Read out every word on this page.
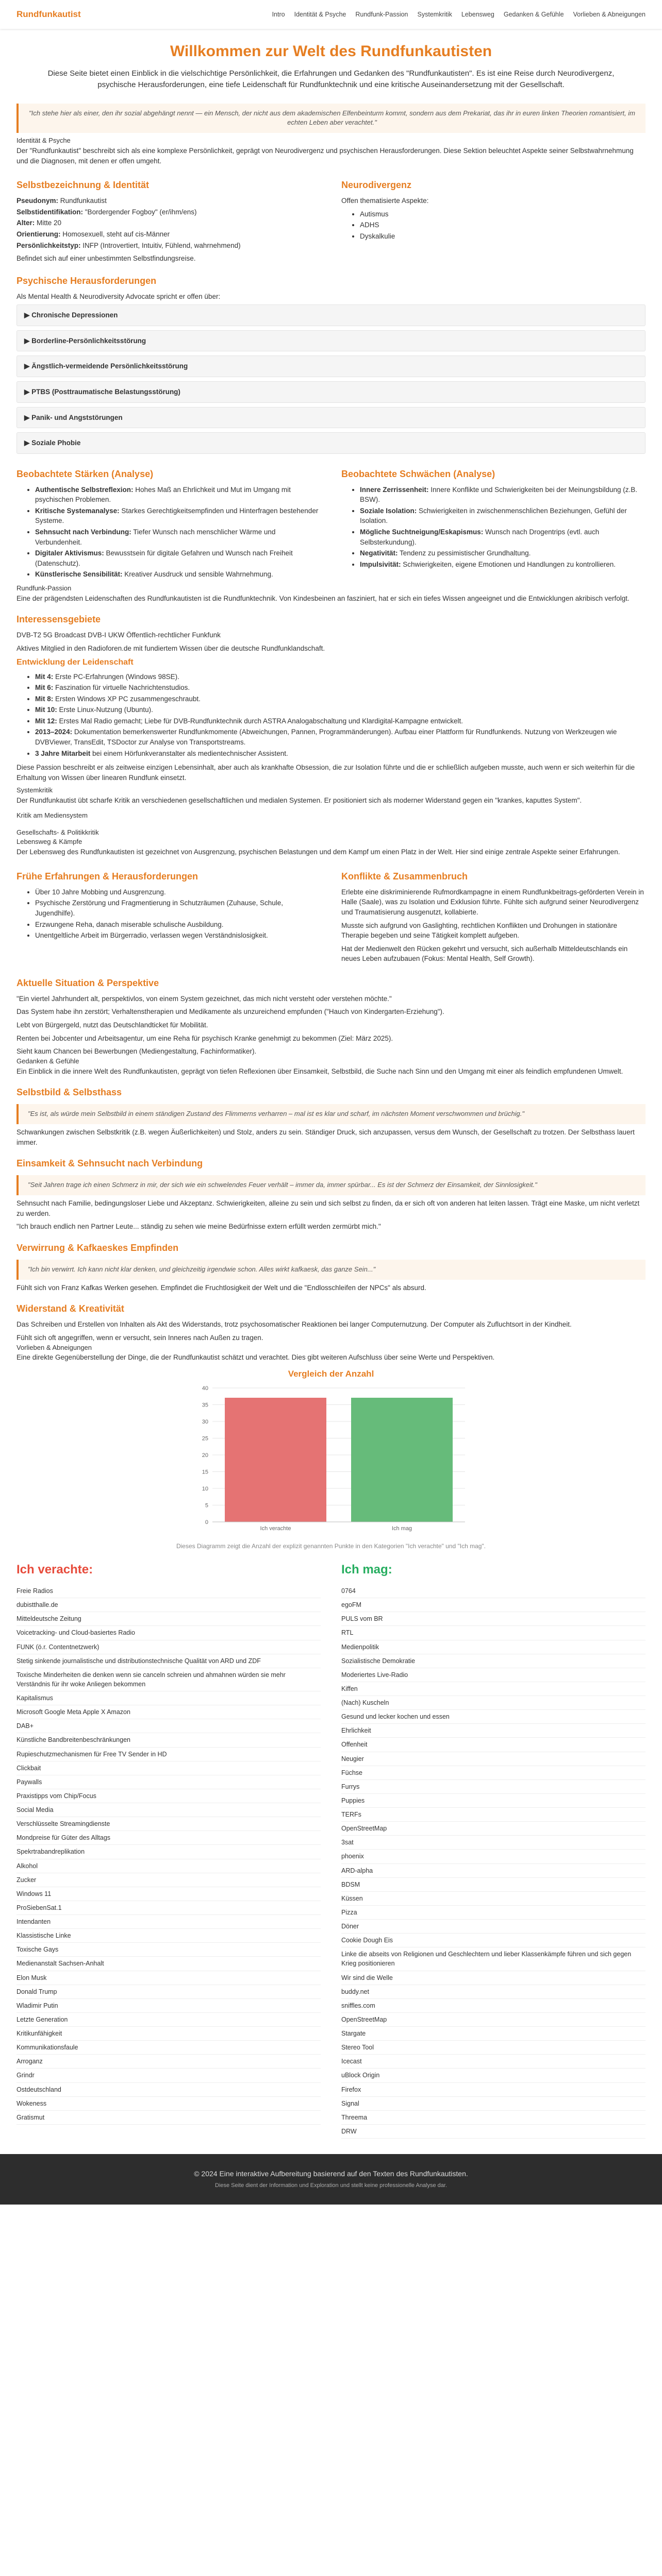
Rundfunkautist	Intro Identität & Psyche Rundfunk-Passion Systemkritik Lebensweg Gedanken & Gefühle Vorlieben & Abneigungen
Willkommen zur Welt des Rundfunkautisten

Diese Seite bietet einen Einblick in die vielschichtige Persönlichkeit, die Erfahrungen und Gedanken des "Rundfunkautisten". Es ist eine Reise durch Neurodivergenz, psychische Herausforderungen, eine tiefe Leidenschaft für Rundfunktechnik und eine kritische Auseinandersetzung mit der Gesellschaft.

"Ich stehe hier als einer, den ihr sozial abgehängt nennt — ein Mensch, der nicht aus dem akademischen Elfenbeinturm kommt, sondern aus dem Prekariat, das ihr in euren linken Theorien romantisiert, im echten Leben aber verachtet."
Identität & Psyche

Der "Rundfunkautist" beschreibt sich als eine komplexe Persönlichkeit, geprägt von Neurodivergenz und psychischen Herausforderungen. Diese Sektion beleuchtet Aspekte seiner Selbstwahrnehmung und die Diagnosen, mit denen er offen umgeht.

Selbstbezeichnung & Identität

Pseudonym: Rundfunkautist

Selbstidentifikation: "Bordergender Fogboy" (er/ihm/ens)

Alter: Mitte 20

Orientierung: Homosexuell, steht auf cis-Männer

Persönlichkeitstyp: INFP (Introvertiert, Intuitiv, Fühlend, wahrnehmend)

Befindet sich auf einer unbestimmten Selbstfindungsreise.

Neurodivergenz

Offen thematisierte Aspekte:

• Autismus
• ADHS
• Dyskalkulie
Psychische Herausforderungen

Als Mental Health & Neurodiversity Advocate spricht er offen über:

▶ Chronische Depressionen
▶ Borderline-Persönlichkeitsstörung
▶ Ängstlich-vermeidende Persönlichkeitsstörung
▶ PTBS (Posttraumatische Belastungsstörung)
▶ Panik- und Angststörungen
▶ Soziale Phobie
Beobachtete Stärken (Analyse)
• Authentische Selbstreflexion: Hohes Maß an Ehrlichkeit und Mut im Umgang mit psychischen Problemen.
• Kritische Systemanalyse: Starkes Gerechtigkeitsempfinden und Hinterfragen bestehender Systeme.
• Sehnsucht nach Verbindung: Tiefer Wunsch nach menschlicher Wärme und Verbundenheit.
• Digitaler Aktivismus: Bewusstsein für digitale Gefahren und Wunsch nach Freiheit (Datenschutz).
• Künstlerische Sensibilität: Kreativer Ausdruck und sensible Wahrnehmung.
Beobachtete Schwächen (Analyse)
• Innere Zerrissenheit: Innere Konflikte und Schwierigkeiten bei der Meinungsbildung (z.B. BSW).
• Soziale Isolation: Schwierigkeiten in zwischenmenschlichen Beziehungen, Gefühl der Isolation.
• Mögliche Suchtneigung/Eskapismus: Wunsch nach Drogentrips (evtl. auch Selbsterkundung).
• Negativität: Tendenz zu pessimistischer Grundhaltung.
• Impulsivität: Schwierigkeiten, eigene Emotionen und Handlungen zu kontrollieren.
Rundfunk-Passion

Eine der prägendsten Leidenschaften des Rundfunkautisten ist die Rundfunktechnik. Von Kindesbeinen an fasziniert, hat er sich ein tiefes Wissen angeeignet und die Entwicklungen akribisch verfolgt.

Interessensgebiete

DVB-T2 5G Broadcast DVB-I UKW Öffentlich-rechtlicher Funkfunk

Aktives Mitglied in den Radioforen.de mit fundiertem Wissen über die deutsche Rundfunklandschaft.

Entwicklung der Leidenschaft
• Mit 4: Erste PC-Erfahrungen (Windows 98SE).
• Mit 6: Faszination für virtuelle Nachrichtenstudios.
• Mit 8: Ersten Windows XP PC zusammengeschraubt.
• Mit 10: Erste Linux-Nutzung (Ubuntu).
• Mit 12: Erstes Mal Radio gemacht; Liebe für DVB-Rundfunktechnik durch ASTRA Analogabschaltung und Klardigital-Kampagne entwickelt.
• 2013–2024: Dokumentation bemerkenswerter Rundfunkmomente (Abweichungen, Pannen, Programmänderungen). Aufbau einer Plattform für Rundfunkends. Nutzung von Werkzeugen wie DVBViewer, TransEdit, TSDoctor zur Analyse von Transportstreams.
• 3 Jahre Mitarbeit bei einem Hörfunkveranstalter als medientechnischer Assistent.

Diese Passion beschreibt er als zeitweise einzigen Lebensinhalt, aber auch als krankhafte Obsession, die zur Isolation führte und die er schließlich aufgeben musste, auch wenn er sich weiterhin für die Erhaltung von Wissen über linearen Rundfunk einsetzt.

Systemkritik

Der Rundfunkautist übt scharfe Kritik an verschiedenen gesellschaftlichen und medialen Systemen. Er positioniert sich als moderner Widerstand gegen ein "krankes, kaputtes System".

Kritik am Mediensystem
Gesellschafts- & Politikkritik
Lebensweg & Kämpfe

Der Lebensweg des Rundfunkautisten ist gezeichnet von Ausgrenzung, psychischen Belastungen und dem Kampf um einen Platz in der Welt. Hier sind einige zentrale Aspekte seiner Erfahrungen.

Frühe Erfahrungen & Herausforderungen
• Über 10 Jahre Mobbing und Ausgrenzung.
• Psychische Zerstörung und Fragmentierung in Schutzräumen (Zuhause, Schule, Jugendhilfe).
• Erzwungene Reha, danach miserable schulische Ausbildung.
• Unentgeltliche Arbeit im Bürgerradio, verlassen wegen Verständnislosigkeit.
Konflikte & Zusammenbruch

Erlebte eine diskriminierende Rufmordkampagne in einem Rundfunkbeitrags-geförderten Verein in Halle (Saale), was zu Isolation und Exklusion führte. Fühlte sich aufgrund seiner Neurodivergenz und Traumatisierung ausgenutzt, kollabierte.

Musste sich aufgrund von Gaslighting, rechtlichen Konflikten und Drohungen in stationäre Therapie begeben und seine Tätigkeit komplett aufgeben.

Hat der Medienwelt den Rücken gekehrt und versucht, sich außerhalb Mitteldeutschlands ein neues Leben aufzubauen (Fokus: Mental Health, Self Growth).

Aktuelle Situation & Perspektive

"Ein viertel Jahrhundert alt, perspektivlos, von einem System gezeichnet, das mich nicht versteht oder verstehen möchte."

Das System habe ihn zerstört; Verhaltenstherapien und Medikamente als unzureichend empfunden ("Hauch von Kindergarten-Erziehung").

Lebt von Bürgergeld, nutzt das Deutschlandticket für Mobilität.

Renten bei Jobcenter und Arbeitsagentur, um eine Reha für psychisch Kranke genehmigt zu bekommen (Ziel: März 2025).

Sieht kaum Chancen bei Bewerbungen (Mediengestaltung, Fachinformatiker).

Gedanken & Gefühle

Ein Einblick in die innere Welt des Rundfunkautisten, geprägt von tiefen Reflexionen über Einsamkeit, Selbstbild, die Suche nach Sinn und den Umgang mit einer als feindlich empfundenen Umwelt.

Selbstbild & Selbsthass
"Es ist, als würde mein Selbstbild in einem ständigen Zustand des Flimmerns verharren – mal ist es klar und scharf, im nächsten Moment verschwommen und brüchig."

Schwankungen zwischen Selbstkritik (z.B. wegen Äußerlichkeiten) und Stolz, anders zu sein. Ständiger Druck, sich anzupassen, versus dem Wunsch, der Gesellschaft zu trotzen. Der Selbsthass lauert immer.

Einsamkeit & Sehnsucht nach Verbindung
"Seit Jahren trage ich einen Schmerz in mir, der sich wie ein schwelendes Feuer verhält – immer da, immer spürbar... Es ist der Schmerz der Einsamkeit, der Sinnlosigkeit."

Sehnsucht nach Familie, bedingungsloser Liebe und Akzeptanz. Schwierigkeiten, alleine zu sein und sich selbst zu finden, da er sich oft von anderen hat leiten lassen. Trägt eine Maske, um nicht verletzt zu werden.

"Ich brauch endlich nen Partner Leute... ständig zu sehen wie meine Bedürfnisse extern erfüllt werden zermürbt mich."

Verwirrung & Kafkaeskes Empfinden
"Ich bin verwirrt. Ich kann nicht klar denken, und gleichzeitig irgendwie schon. Alles wirkt kafkaesk, das ganze Sein..."

Fühlt sich von Franz Kafkas Werken gesehen. Empfindet die Fruchtlosigkeit der Welt und die "Endlosschleifen der NPCs" als absurd.

Widerstand & Kreativität

Das Schreiben und Erstellen von Inhalten als Akt des Widerstands, trotz psychosomatischer Reaktionen bei langer Computernutzung. Der Computer als Zufluchtsort in der Kindheit.

Fühlt sich oft angegriffen, wenn er versucht, sein Inneres nach Außen zu tragen.

Vorlieben & Abneigungen

Eine direkte Gegenüberstellung der Dinge, die der Rundfunkautist schätzt und verachtet. Dies gibt weiteren Aufschluss über seine Werte und Perspektiven.

Vergleich der Anzahl
0
5
10
15
20
25
30
35
40
Ich verachte	Ich mag
Dieses Diagramm zeigt die Anzahl der explizit genannten Punkte in den Kategorien "Ich verachte" und "Ich mag".
Ich verachte:
Freie Radios
dubistthalle.de
Mitteldeutsche Zeitung
Voicetracking- und Cloud-basiertes Radio
FUNK (ö.r. Contentnetzwerk)
Stetig sinkende journalistische und distributionstechnische Qualität von ARD und ZDF
Toxische Minderheiten die denken wenn sie canceln schreien und ahmahnen würden sie mehr Verständnis für ihr woke Anliegen bekommen
Kapitalismus
Microsoft Google Meta Apple X Amazon
DAB+
Künstliche Bandbreitenbeschränkungen
Rupieschutzmechanismen für Free TV Sender in HD
Clickbait
Paywalls
Praxistipps vom Chip/Focus
Social Media
Verschlüsselte Streamingdienste
Mondpreise für Güter des Alltags
Spekrtrabandreplikation
Alkohol
Zucker
Windows 11
ProSiebenSat.1
Intendanten
Klassistische Linke
Toxische Gays
Medienanstalt Sachsen-Anhalt
Elon Musk
Donald Trump
Wladimir Putin
Letzte Generation
Kritikunfähigkeit
Kommunikationsfaule
Arroganz
Grindr
Ostdeutschland
Wokeness
Gratismut
Ich mag:
0764
egoFM
PULS vom BR
RTL
Medienpolitik
Sozialistische Demokratie
Moderiertes Live-Radio
Kiffen
(Nach) Kuscheln
Gesund und lecker kochen und essen
Ehrlichkeit
Offenheit
Neugier
Füchse
Furrys
Puppies
TERFs
OpenStreetMap
3sat
phoenix
ARD-alpha
BDSM
Küssen
Pizza
Döner
Cookie Dough Eis
Linke die abseits von Religionen und Geschlechtern und lieber Klassenkämpfe führen und sich gegen Krieg positionieren
Wir sind die Welle
buddy.net
sniffles.com
OpenStreetMap
Stargate
Stereo Tool
Icecast
uBlock Origin
Firefox
Signal
Threema
DRW

© 2024 Eine interaktive Aufbereitung basierend auf den Texten des Rundfunkautisten.

Diese Seite dient der Information und Exploration und stellt keine professionelle Analyse dar.
